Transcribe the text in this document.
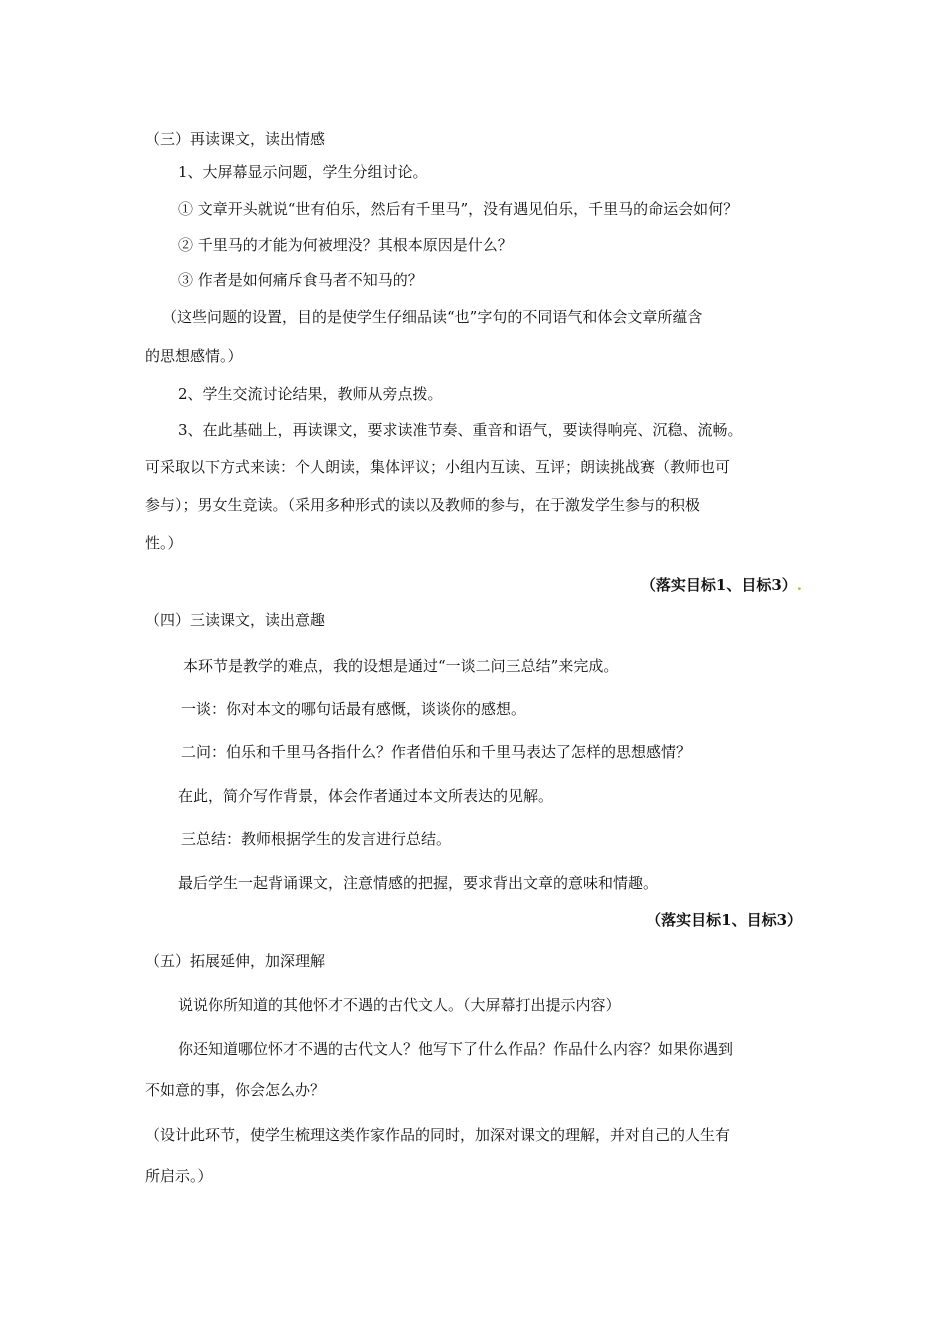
（三）再读课文，读出情感
1、大屏幕显示问题，学生分组讨论。
① 文章开头就说“世有伯乐，然后有千里马”，没有遇见伯乐，千里马的命运会如何？
② 千里马的才能为何被埋没？其根本原因是什么？
③ 作者是如何痛斥食马者不知马的？
（这些问题的设置，目的是使学生仔细品读“也”字句的不同语气和体会文章所蕴含
的思想感情。）
2、学生交流讨论结果，教师从旁点拨。
3、在此基础上，再读课文，要求读准节奏、重音和语气，要读得响亮、沉稳、流畅。
可采取以下方式来读：个人朗读，集体评议；小组内互读、互评；朗读挑战赛（教师也可
参与）；男女生竞读。（采用多种形式的读以及教师的参与，在于激发学生参与的积极
性。）
（落实目标1、目标3）.
（四）三读课文，读出意趣
本环节是教学的难点，我的设想是通过“一谈二问三总结”来完成。
一谈：你对本文的哪句话最有感慨，谈谈你的感想。
二问：伯乐和千里马各指什么？作者借伯乐和千里马表达了怎样的思想感情？
在此，简介写作背景，体会作者通过本文所表达的见解。
三总结：教师根据学生的发言进行总结。
最后学生一起背诵课文，注意情感的把握，要求背出文章的意味和情趣。
（落实目标1、目标3）
（五）拓展延伸，加深理解
说说你所知道的其他怀才不遇的古代文人。（大屏幕打出提示内容）
你还知道哪位怀才不遇的古代文人？他写下了什么作品？作品什么内容？如果你遇到
不如意的事，你会怎么办？
（设计此环节，使学生梳理这类作家作品的同时，加深对课文的理解，并对自己的人生有
所启示。）
